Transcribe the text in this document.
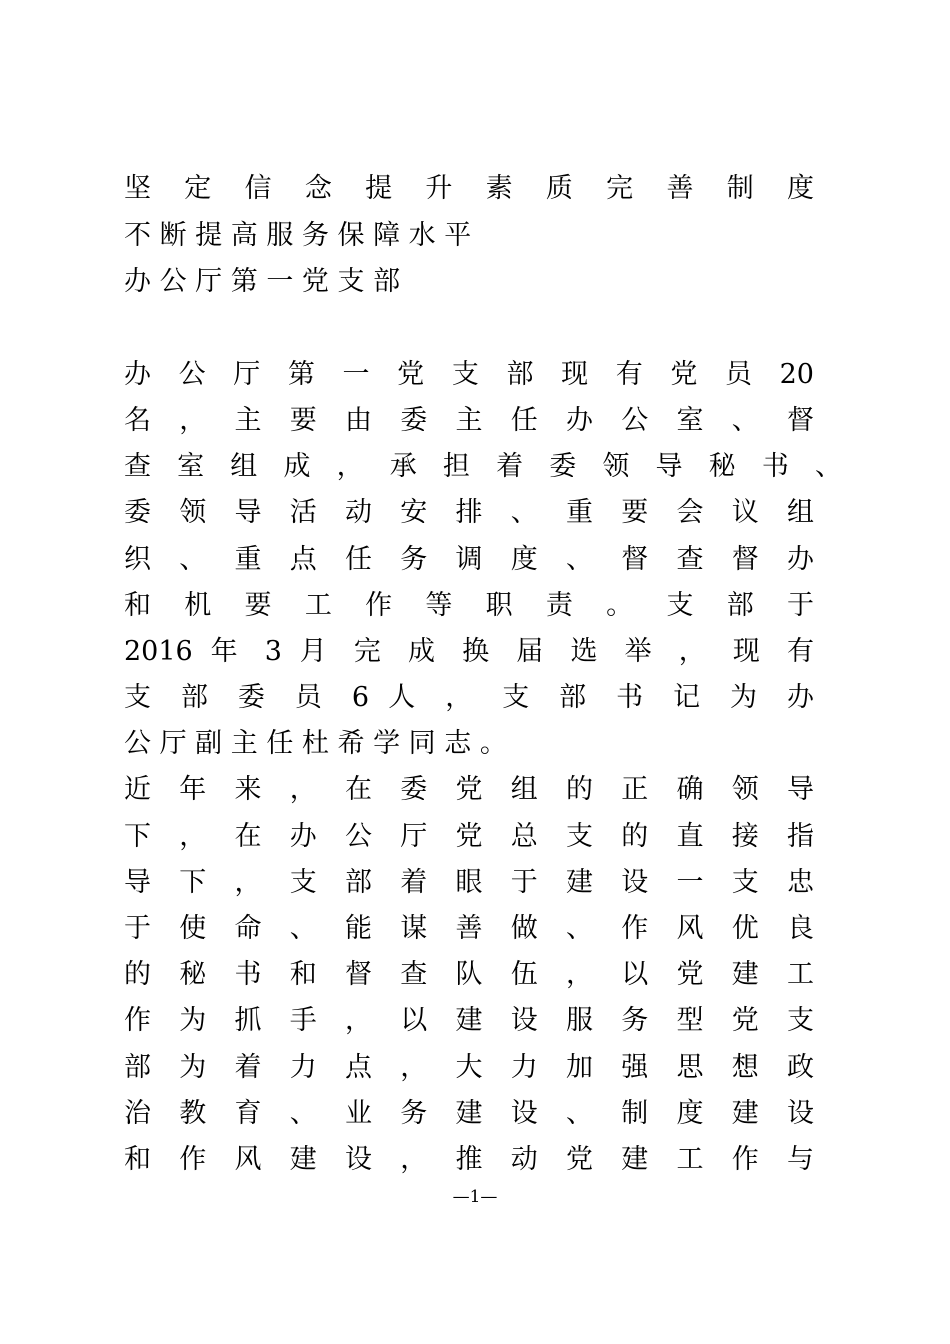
坚 定 信 念 提 升 素 质 完 善 制 度
不 断 提 高 服 务 保 障 水 平
办 公 厅 第 一 党 支 部
办 公 厅 第 一 党 支 部 现 有 党 员 20
名 ， 主 要 由 委 主 任 办 公 室 、 督
查 室 组 成 ， 承 担 着 委 领 导 秘 书 、
委 领 导 活 动 安 排 、 重 要 会 议 组
织 、 重 点 任 务 调 度 、 督 查 督 办
和 机 要 工 作 等 职 责 。 支 部 于
2016 年 3 月 完 成 换 届 选 举 ， 现 有
支 部 委 员 6 人 ， 支 部 书 记 为 办
公 厅 副 主 任 杜 希 学 同 志 。
近 年 来 ， 在 委 党 组 的 正 确 领 导
下 ， 在 办 公 厅 党 总 支 的 直 接 指
导 下 ， 支 部 着 眼 于 建 设 一 支 忠
于 使 命 、 能 谋 善 做 、 作 风 优 良
的 秘 书 和 督 查 队 伍 ， 以 党 建 工
作 为 抓 手 ， 以 建 设 服 务 型 党 支
部 为 着 力 点 ， 大 力 加 强 思 想 政
治 教 育 、 业 务 建 设 、 制 度 建 设
和 作 风 建 设 ， 推 动 党 建 工 作 与
—1—
